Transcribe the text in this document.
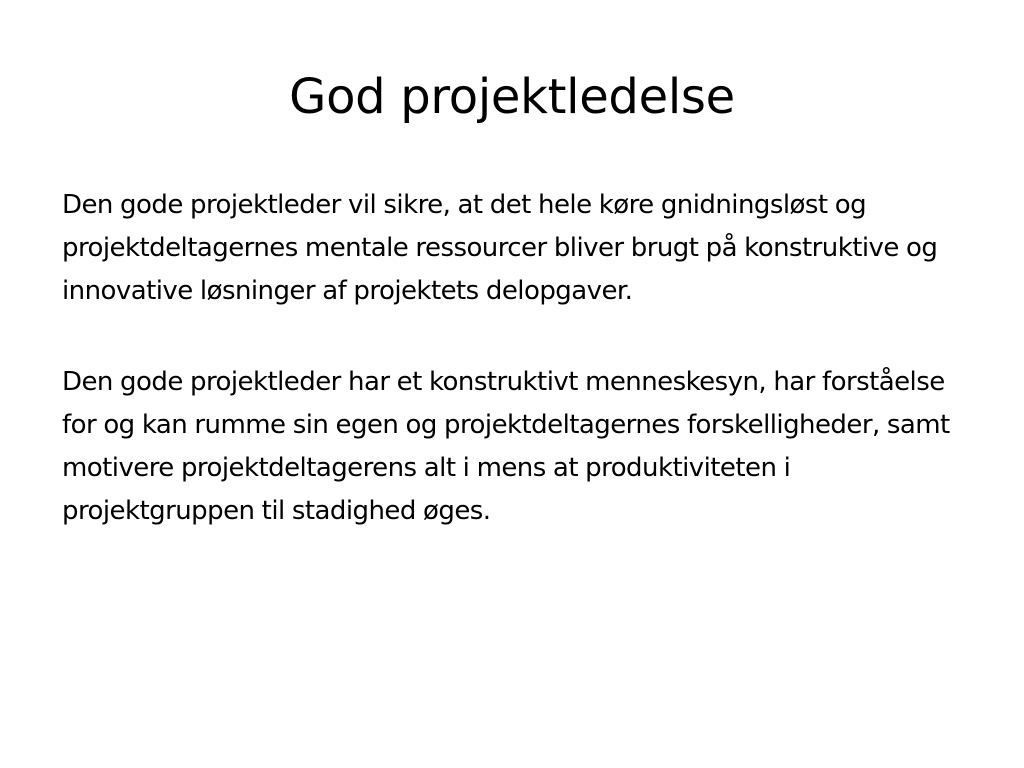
God projektledelse

Den gode projektleder vil sikre, at det hele køre gnidningsløst og projektdeltagernes mentale ressourcer bliver brugt på konstruktive og innovative løsninger af projektets delopgaver.

Den gode projektleder har et konstruktivt menneskesyn, har forståelse for og kan rumme sin egen og projektdeltagernes forskelligheder, samt motivere projektdeltagerens alt i mens at produktiviteten i projektgruppen til stadighed øges.
